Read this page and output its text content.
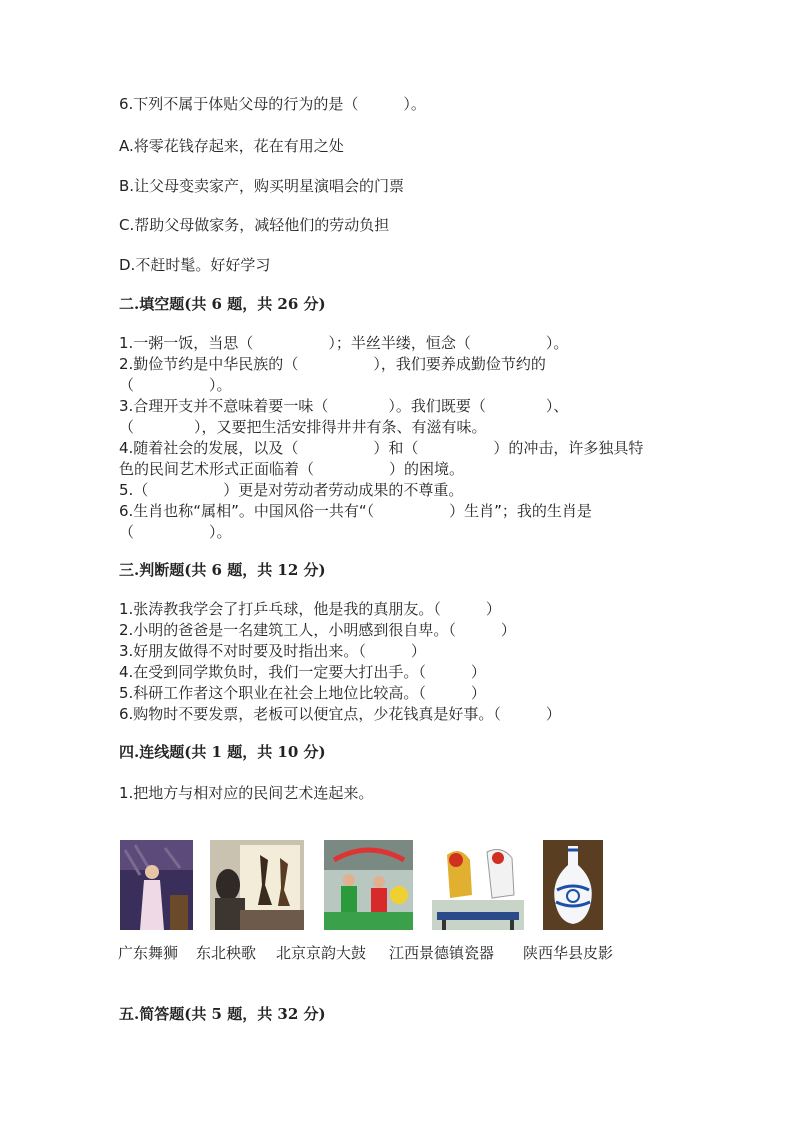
6.下列不属于体贴父母的行为的是（　　　）。
A.将零花钱存起来，花在有用之处
B.让父母变卖家产，购买明星演唱会的门票
C.帮助父母做家务，减轻他们的劳动负担
D.不赶时髦。好好学习
二.填空题(共 6 题，共 26 分)
1.一粥一饭，当思（　　　　　）；半丝半缕，恒念（　　　　　）。
2.勤俭节约是中华民族的（　　　　　），我们要养成勤俭节约的
（　　　　　）。
3.合理开支并不意味着要一味（　　　　）。我们既要（　　　　）、
（　　　　），又要把生活安排得井井有条、有滋有味。
4.随着社会的发展，以及（　　　　　）和（　　　　　）的冲击，许多独具特
色的民间艺术形式正面临着（　　　　　）的困境。
5.（　　　　　）更是对劳动者劳动成果的不尊重。
6.生肖也称“属相”。中国风俗一共有“（　　　　　）生肖”；我的生肖是
（　　　　　）。
三.判断题(共 6 题，共 12 分)
1.张涛教我学会了打乒乓球，他是我的真朋友。（　　　）
2.小明的爸爸是一名建筑工人，小明感到很自卑。（　　　）
3.好朋友做得不对时要及时指出来。（　　　）
4.在受到同学欺负时，我们一定要大打出手。（　　　）
5.科研工作者这个职业在社会上地位比较高。（　　　）
6.购物时不要发票，老板可以便宜点，少花钱真是好事。（　　　）
四.连线题(共 1 题，共 10 分)
1.把地方与相对应的民间艺术连起来。
广东舞狮 东北秧歌 北京京韵大鼓 江西景德镇瓷器 陕西华县皮影
五.简答题(共 5 题，共 32 分)
